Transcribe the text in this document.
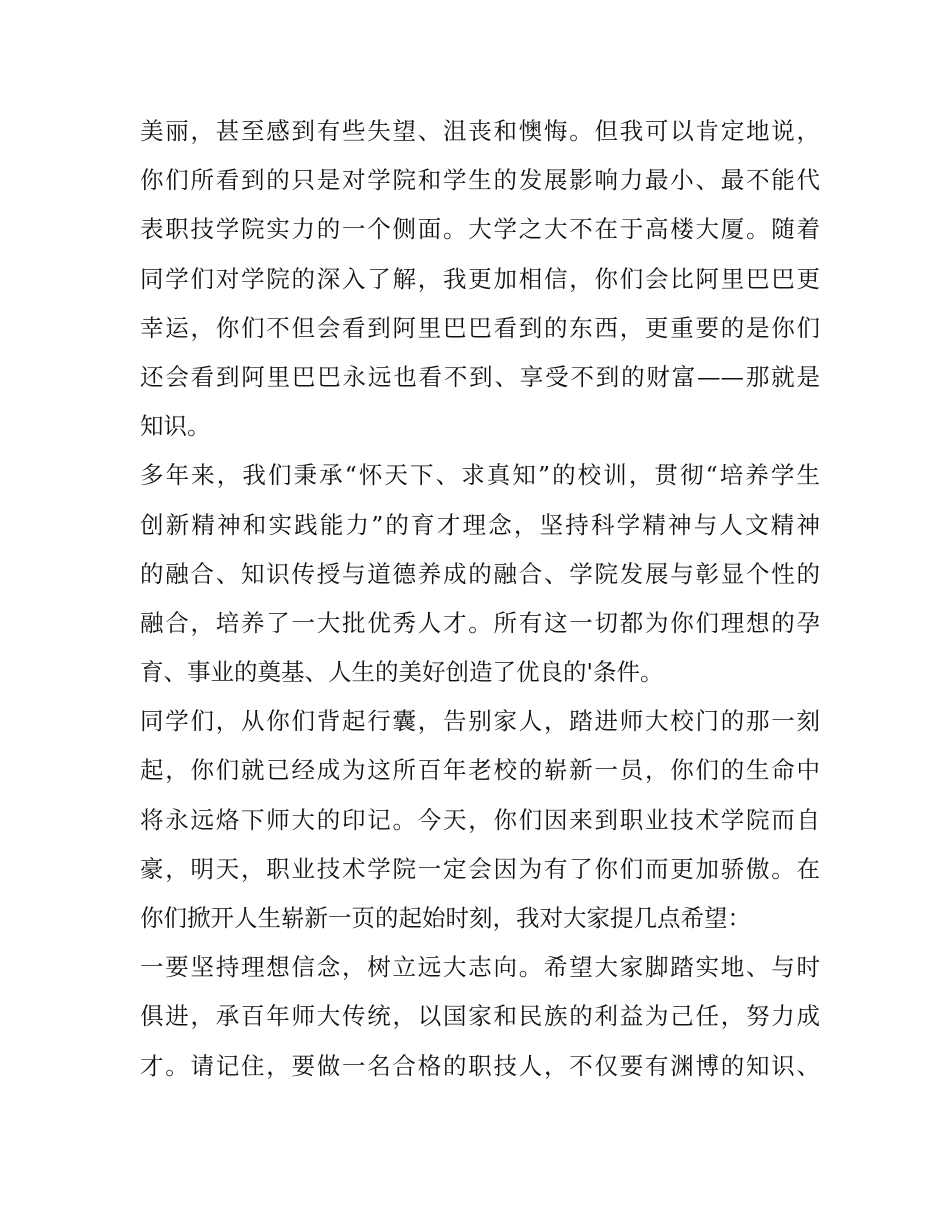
美丽，甚至感到有些失望、沮丧和懊悔。但我可以肯定地说，
你们所看到的只是对学院和学生的发展影响力最小、最不能代
表职技学院实力的一个侧面。大学之大不在于高楼大厦。随着
同学们对学院的深入了解，我更加相信，你们会比阿里巴巴更
幸运，你们不但会看到阿里巴巴看到的东西，更重要的是你们
还会看到阿里巴巴永远也看不到、享受不到的财富——那就是
知识。
多年来，我们秉承“怀天下、求真知”的校训，贯彻“培养学生
创新精神和实践能力”的育才理念，坚持科学精神与人文精神
的融合、知识传授与道德养成的融合、学院发展与彰显个性的
融合，培养了一大批优秀人才。所有这一切都为你们理想的孕
育、事业的奠基、人生的美好创造了优良的'条件。
同学们，从你们背起行囊，告别家人，踏进师大校门的那一刻
起，你们就已经成为这所百年老校的崭新一员，你们的生命中
将永远烙下师大的印记。今天，你们因来到职业技术学院而自
豪，明天，职业技术学院一定会因为有了你们而更加骄傲。在
你们掀开人生崭新一页的起始时刻，我对大家提几点希望：
一要坚持理想信念，树立远大志向。希望大家脚踏实地、与时
俱进，承百年师大传统，以国家和民族的利益为己任，努力成
才。请记住，要做一名合格的职技人，不仅要有渊博的知识、
